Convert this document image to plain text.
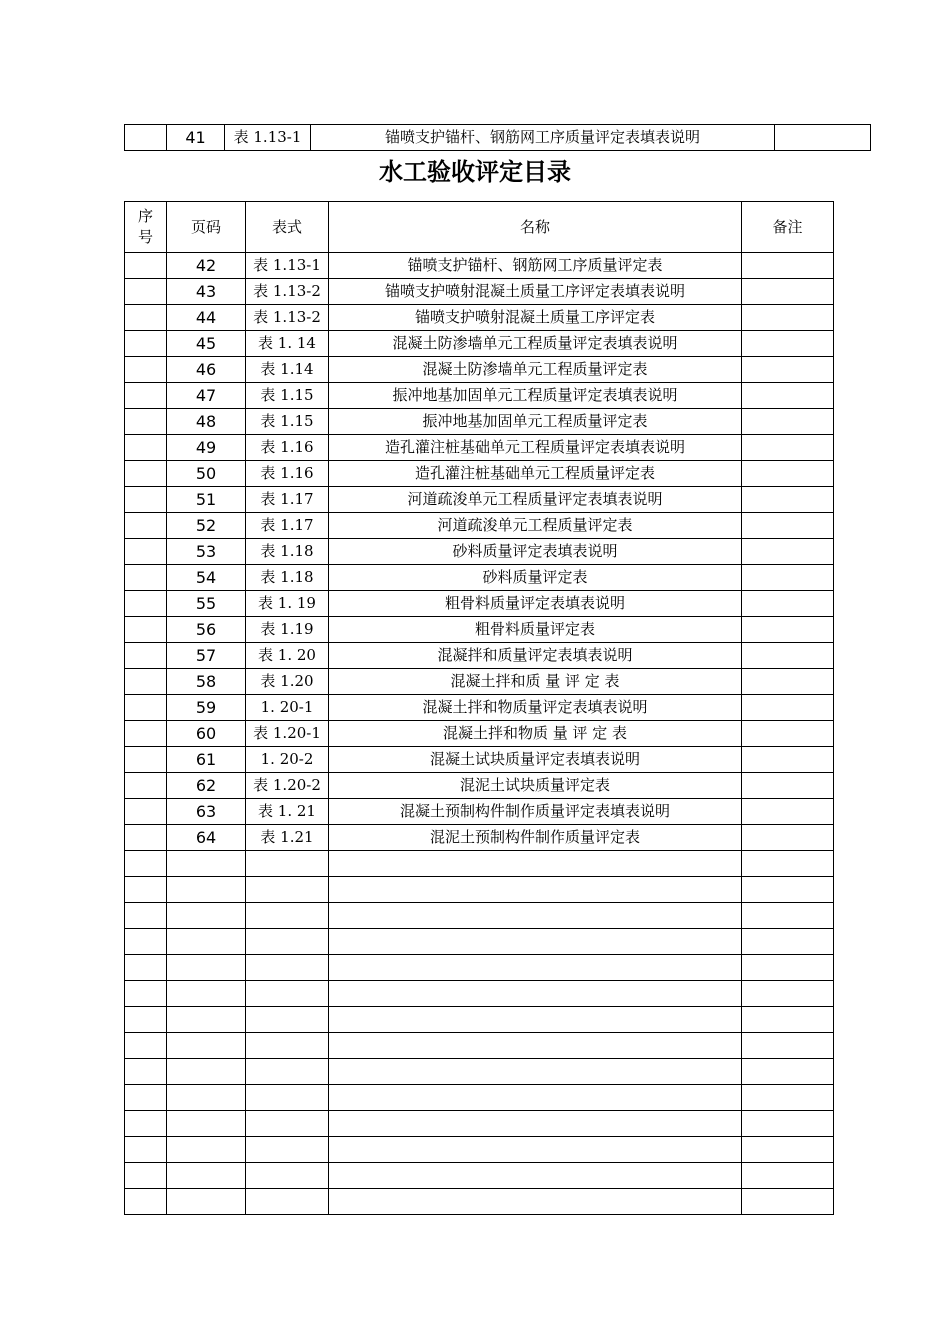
	41	表 1.13-1	锚喷支护锚杆、钢筋网工序质量评定表填表说明	
水工验收评定目录
序
号	页码	表式	名称	备注
	42	表 1.13-1	锚喷支护锚杆、钢筋网工序质量评定表	
	43	表 1.13-2	锚喷支护喷射混凝土质量工序评定表填表说明	
	44	表 1.13-2	锚喷支护喷射混凝土质量工序评定表	
	45	表 1. 14	混凝土防渗墙单元工程质量评定表填表说明	
	46	表 1.14	混凝土防渗墙单元工程质量评定表	
	47	表 1.15	振冲地基加固单元工程质量评定表填表说明	
	48	表 1.15	振冲地基加固单元工程质量评定表	
	49	表 1.16	造孔灌注桩基础单元工程质量评定表填表说明	
	50	表 1.16	造孔灌注桩基础单元工程质量评定表	
	51	表 1.17	河道疏浚单元工程质量评定表填表说明	
	52	表 1.17	河道疏浚单元工程质量评定表	
	53	表 1.18	砂料质量评定表填表说明	
	54	表 1.18	砂料质量评定表	
	55	表 1. 19	粗骨料质量评定表填表说明	
	56	表 1.19	粗骨料质量评定表	
	57	表 1. 20	混凝拌和质量评定表填表说明	
	58	表 1.20	混凝土拌和质 量 评 定 表	
	59	1. 20-1	混凝土拌和物质量评定表填表说明	
	60	表 1.20-1	混凝土拌和物质 量 评 定 表	
	61	1. 20-2	混凝土试块质量评定表填表说明	
	62	表 1.20-2	混泥土试块质量评定表	
	63	表 1. 21	混凝土预制构件制作质量评定表填表说明	
	64	表 1.21	混泥土预制构件制作质量评定表	
